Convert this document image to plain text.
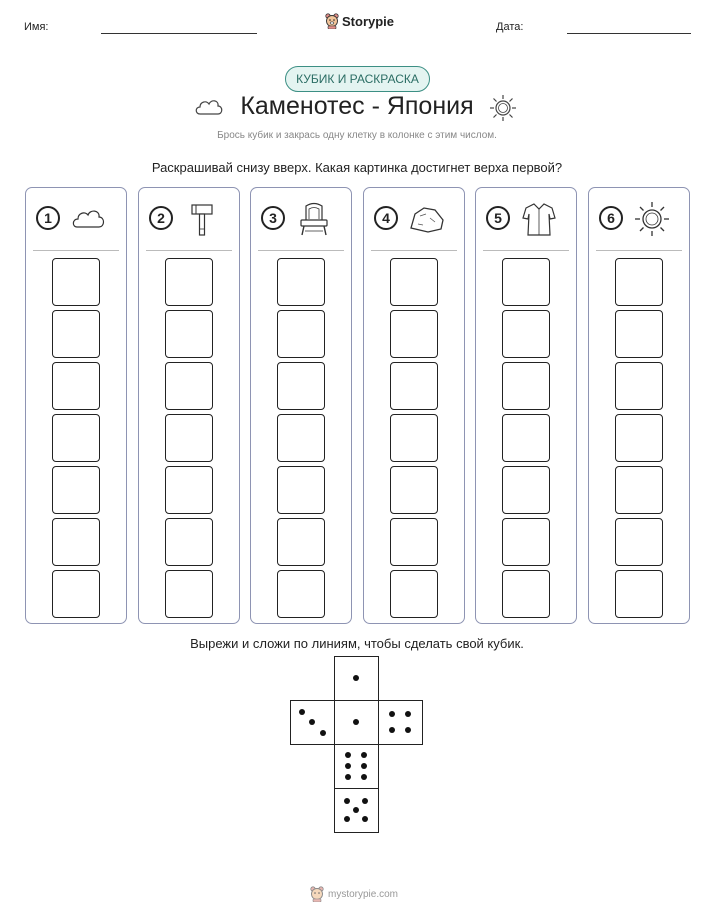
Имя:	Storypie	Дата:
КУБИК И РАСКРАСКА
Каменотес - Япония
Брось кубик и закрась одну клетку в колонке с этим числом.
Раскрашивай снизу вверх. Какая картинка достигнет верха первой?
1	2	3	4	5	6
Вырежи и сложи по линиям, чтобы сделать свой кубик.
mystorypie.com
